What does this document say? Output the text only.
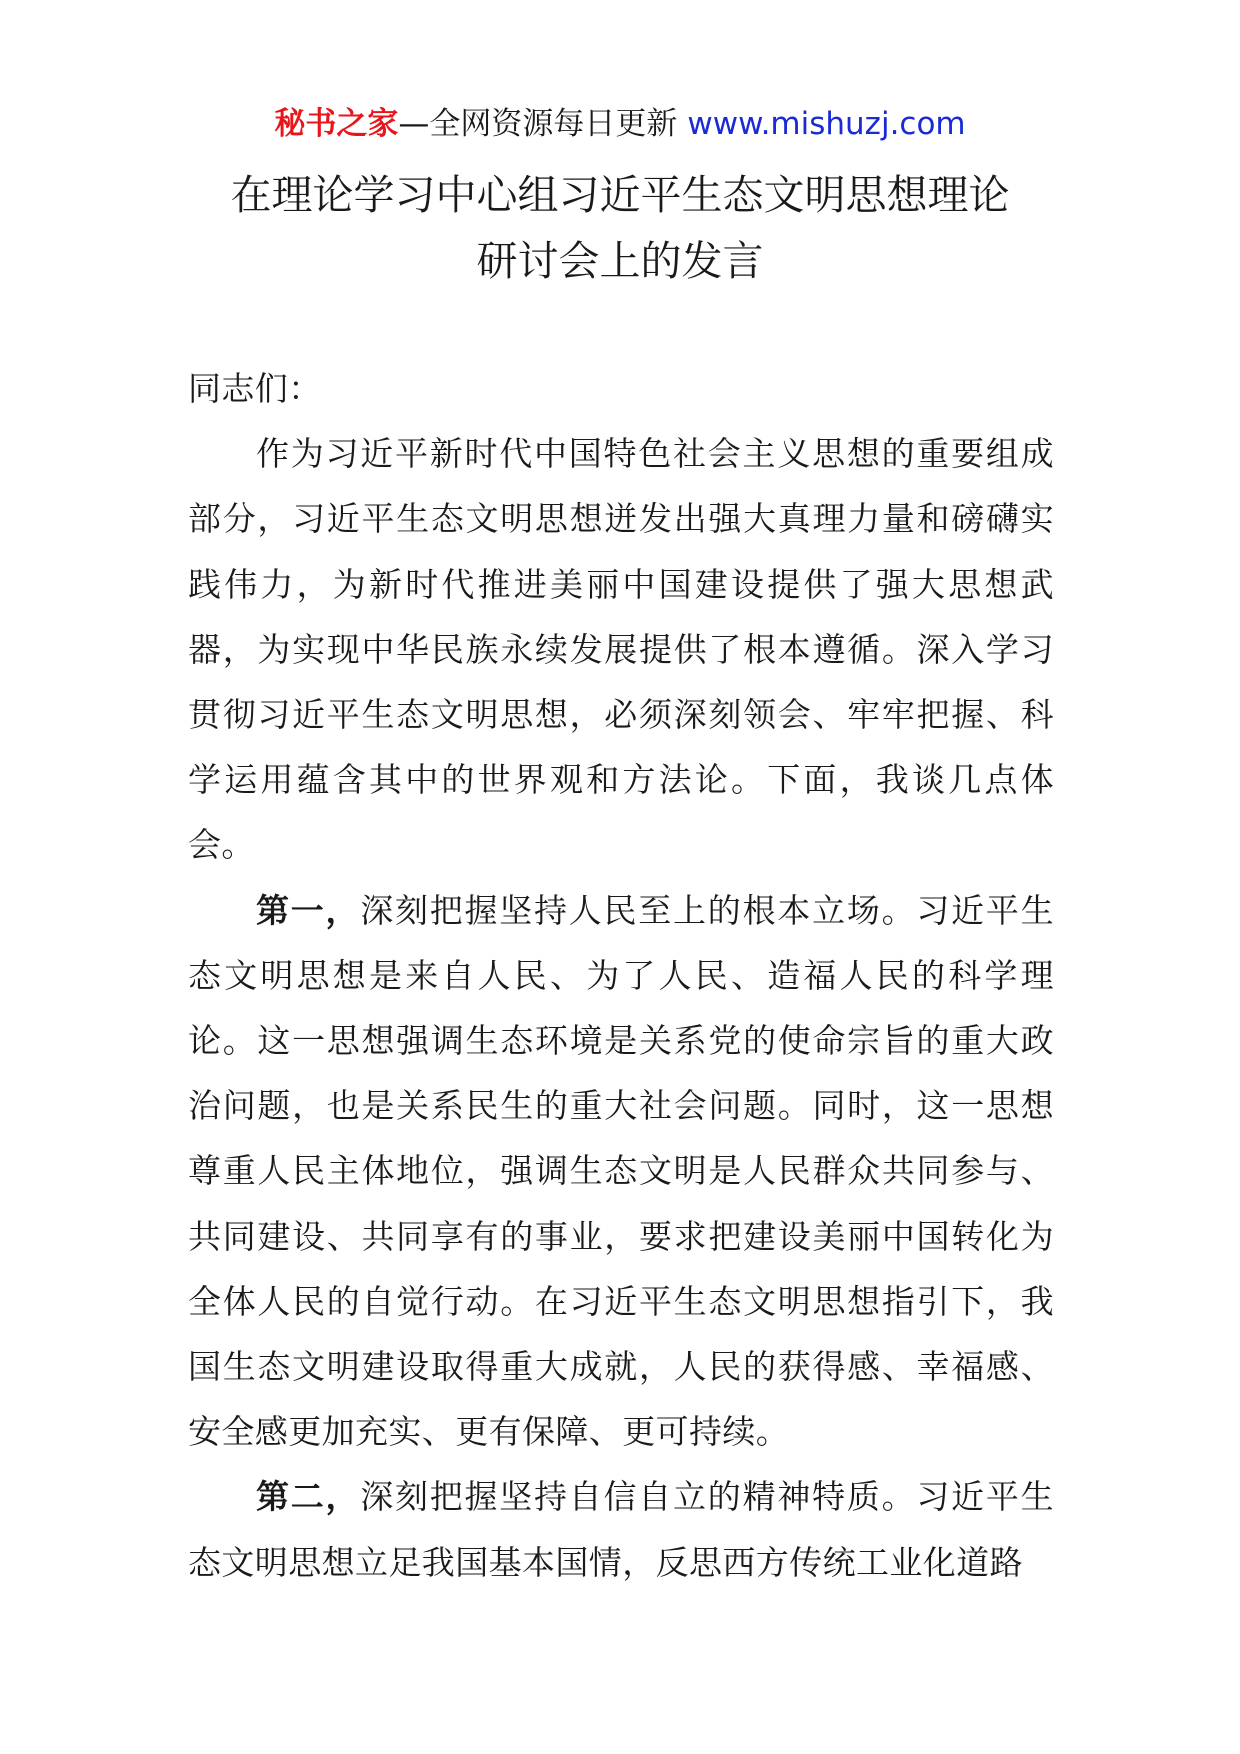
秘书之家—全网资源每日更新 www.mishuzj.com
在理论学习中心组习近平生态文明思想理论
研讨会上的发言

同志们：

作为习近平新时代中国特色社会主义思想的重要组成部分，习近平生态文明思想迸发出强大真理力量和磅礴实践伟力，为新时代推进美丽中国建设提供了强大思想武器，为实现中华民族永续发展提供了根本遵循。深入学习贯彻习近平生态文明思想，必须深刻领会、牢牢把握、科学运用蕴含其中的世界观和方法论。下面，我谈几点体会。

第一，深刻把握坚持人民至上的根本立场。习近平生态文明思想是来自人民、为了人民、造福人民的科学理论。这一思想强调生态环境是关系党的使命宗旨的重大政治问题，也是关系民生的重大社会问题。同时，这一思想尊重人民主体地位，强调生态文明是人民群众共同参与、共同建设、共同享有的事业，要求把建设美丽中国转化为全体人民的自觉行动。在习近平生态文明思想指引下，我国生态文明建设取得重大成就，人民的获得感、幸福感、安全感更加充实、更有保障、更可持续。

第二，深刻把握坚持自信自立的精神特质。习近平生态文明思想立足我国基本国情，反思西方传统工业化道路
